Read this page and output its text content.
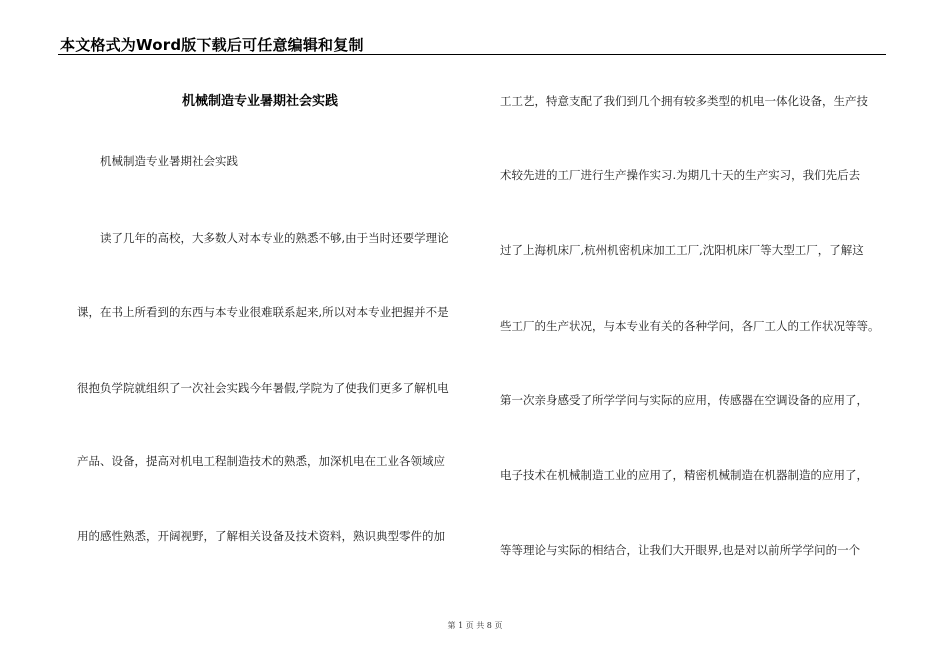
本文格式为Word版下载后可任意编辑和复制
机械制造专业暑期社会实践
机械制造专业暑期社会实践
读了几年的高校，大多数人对本专业的熟悉不够,由于当时还要学理论
课，在书上所看到的东西与本专业很难联系起来,所以对本专业把握并不是
很抱负学院就组织了一次社会实践今年暑假,学院为了使我们更多了解机电
产品、设备，提高对机电工程制造技术的熟悉，加深机电在工业各领域应
用的感性熟悉，开阔视野，了解相关设备及技术资料，熟识典型零件的加
工工艺，特意支配了我们到几个拥有较多类型的机电一体化设备，生产技
术较先进的工厂进行生产操作实习.为期几十天的生产实习，我们先后去
过了上海机床厂,杭州机密机床加工工厂,沈阳机床厂等大型工厂，了解这
些工厂的生产状况，与本专业有关的各种学问，各厂工人的工作状况等等。
第一次亲身感受了所学学问与实际的应用，传感器在空调设备的应用了，
电子技术在机械制造工业的应用了，精密机械制造在机器制造的应用了，
等等理论与实际的相结合，让我们大开眼界,也是对以前所学学问的一个
第 1 页 共 8 页
